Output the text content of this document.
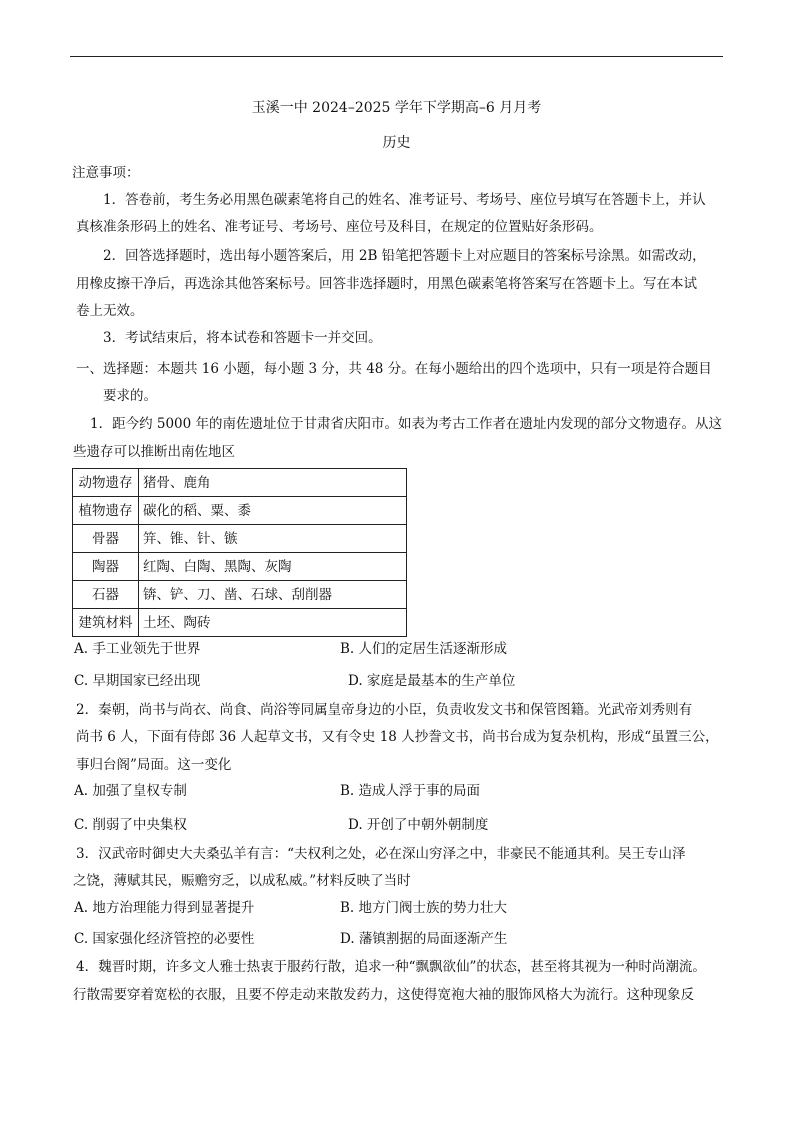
玉溪一中 2024–2025 学年下学期高–6 月月考
历史
注意事项：
1．答卷前，考生务必用黑色碳素笔将自己的姓名、准考证号、考场号、座位号填写在答题卡上，并认
真核准条形码上的姓名、准考证号、考场号、座位号及科目，在规定的位置贴好条形码。
2．回答选择题时，选出每小题答案后，用 2B 铅笔把答题卡上对应题目的答案标号涂黑。如需改动，
用橡皮擦干净后，再选涂其他答案标号。回答非选择题时，用黑色碳素笔将答案写在答题卡上。写在本试
卷上无效。
3．考试结束后，将本试卷和答题卡一并交回。
一、选择题：本题共 16 小题，每小题 3 分，共 48 分。在每小题给出的四个选项中，只有一项是符合题目
要求的。
1．距今约 5000 年的南佐遗址位于甘肃省庆阳市。如表为考古工作者在遗址内发现的部分文物遗存。从这
些遗存可以推断出南佐地区
动物遗存	猪骨、鹿角
植物遗存	碳化的稻、粟、黍
骨器	笄、锥、针、镞
陶器	红陶、白陶、黑陶、灰陶
石器	锛、铲、刀、凿、石球、刮削器
建筑材料	土坯、陶砖
A. 手工业领先于世界	B. 人们的定居生活逐渐形成
C. 早期国家已经出现	D. 家庭是最基本的生产单位
2．秦朝，尚书与尚衣、尚食、尚浴等同属皇帝身边的小臣，负责收发文书和保管图籍。光武帝刘秀则有
尚书 6 人，下面有侍郎 36 人起草文书，又有令史 18 人抄誊文书，尚书台成为复杂机构，形成“虽置三公，
事归台阁”局面。这一变化
A. 加强了皇权专制	B. 造成人浮于事的局面
C. 削弱了中央集权	D. 开创了中朝外朝制度
3．汉武帝时御史大夫桑弘羊有言：“夫权利之处，必在深山穷泽之中，非豪民不能通其利。吴王专山泽
之饶，薄赋其民，赈赡穷乏，以成私威。”材料反映了当时
A. 地方治理能力得到显著提升	B. 地方门阀士族的势力壮大
C. 国家强化经济管控的必要性	D. 藩镇割据的局面逐渐产生
4．魏晋时期，许多文人雅士热衷于服药行散，追求一种“飘飘欲仙”的状态，甚至将其视为一种时尚潮流。
行散需要穿着宽松的衣服，且要不停走动来散发药力，这使得宽袍大袖的服饰风格大为流行。这种现象反
